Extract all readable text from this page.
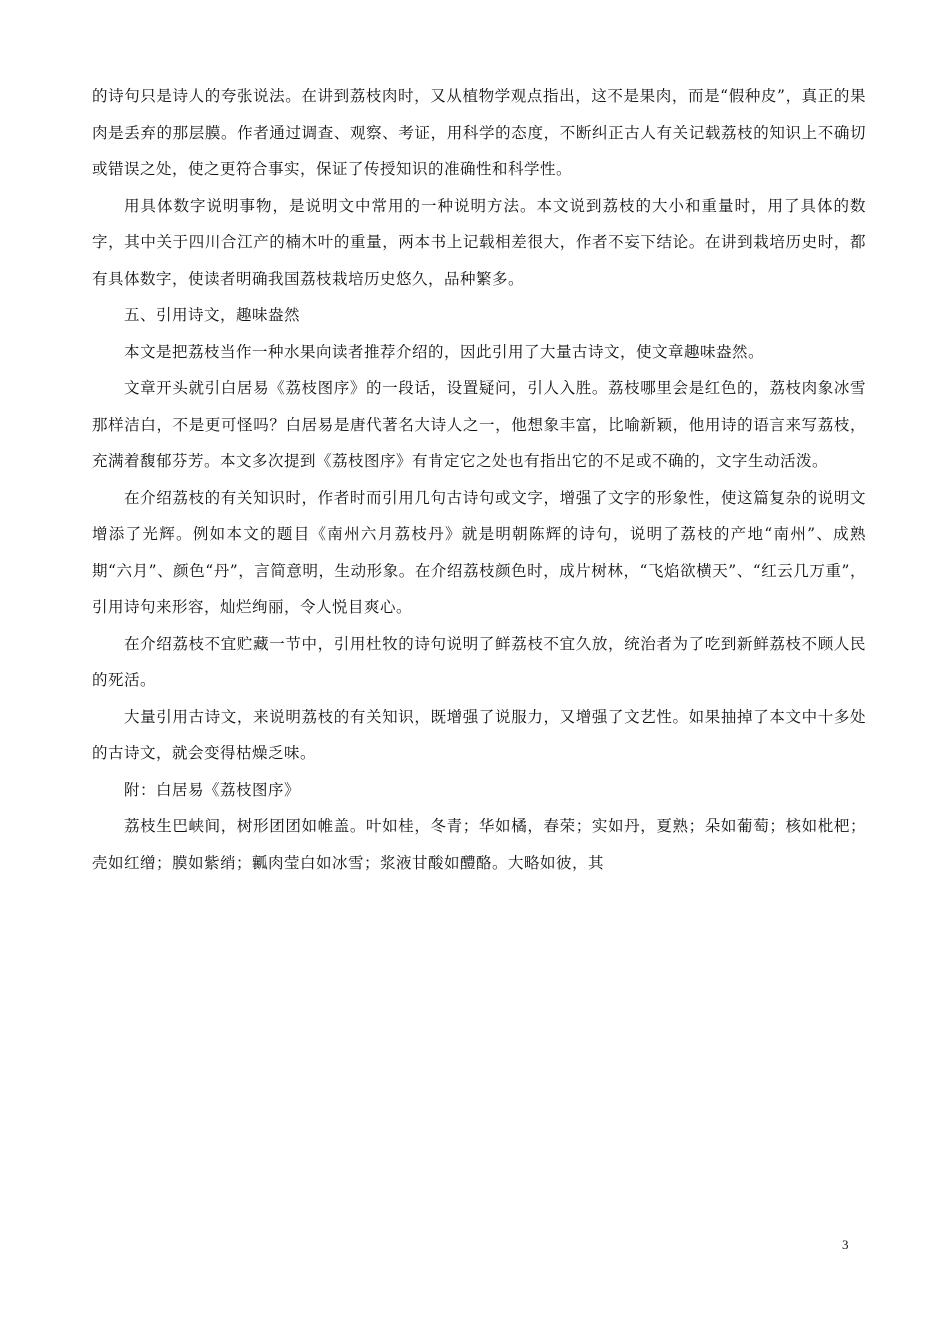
的诗句只是诗人的夸张说法。在讲到荔枝肉时，又从植物学观点指出，这不是果肉，而是“假种皮”，真正的果肉是丢弃的那层膜。作者通过调查、观察、考证，用科学的态度，不断纠正古人有关记载荔枝的知识上不确切或错误之处，使之更符合事实，保证了传授知识的准确性和科学性。

用具体数字说明事物，是说明文中常用的一种说明方法。本文说到荔枝的大小和重量时，用了具体的数字，其中关于四川合江产的楠木叶的重量，两本书上记载相差很大，作者不妄下结论。在讲到栽培历史时，都有具体数字，使读者明确我国荔枝栽培历史悠久，品种繁多。

五、引用诗文，趣味盎然

本文是把荔枝当作一种水果向读者推荐介绍的，因此引用了大量古诗文，使文章趣味盎然。

文章开头就引白居易《荔枝图序》的一段话，设置疑问，引人入胜。荔枝哪里会是红色的，荔枝肉象冰雪那样洁白，不是更可怪吗？白居易是唐代著名大诗人之一，他想象丰富，比喻新颖，他用诗的语言来写荔枝，充满着馥郁芬芳。本文多次提到《荔枝图序》有肯定它之处也有指出它的不足或不确的，文字生动活泼。

在介绍荔枝的有关知识时，作者时而引用几句古诗句或文字，增强了文字的形象性，使这篇复杂的说明文增添了光辉。例如本文的题目《南州六月荔枝丹》就是明朝陈辉的诗句，说明了荔枝的产地“南州”、成熟期“六月”、颜色“丹”，言简意明，生动形象。在介绍荔枝颜色时，成片树林，“飞焰欲横天”、“红云几万重”，引用诗句来形容，灿烂绚丽，令人悦目爽心。

在介绍荔枝不宜贮藏一节中，引用杜牧的诗句说明了鲜荔枝不宜久放，统治者为了吃到新鲜荔枝不顾人民的死活。

大量引用古诗文，来说明荔枝的有关知识，既增强了说服力，又增强了文艺性。如果抽掉了本文中十多处的古诗文，就会变得枯燥乏味。

附：白居易《荔枝图序》

荔枝生巴峡间，树形团团如帷盖。叶如桂，冬青；华如橘，春荣；实如丹，夏熟；朵如葡萄；核如枇杷；壳如红缯；膜如紫绡；瓤肉莹白如冰雪；浆液甘酸如醴酪。大略如彼，其

3
